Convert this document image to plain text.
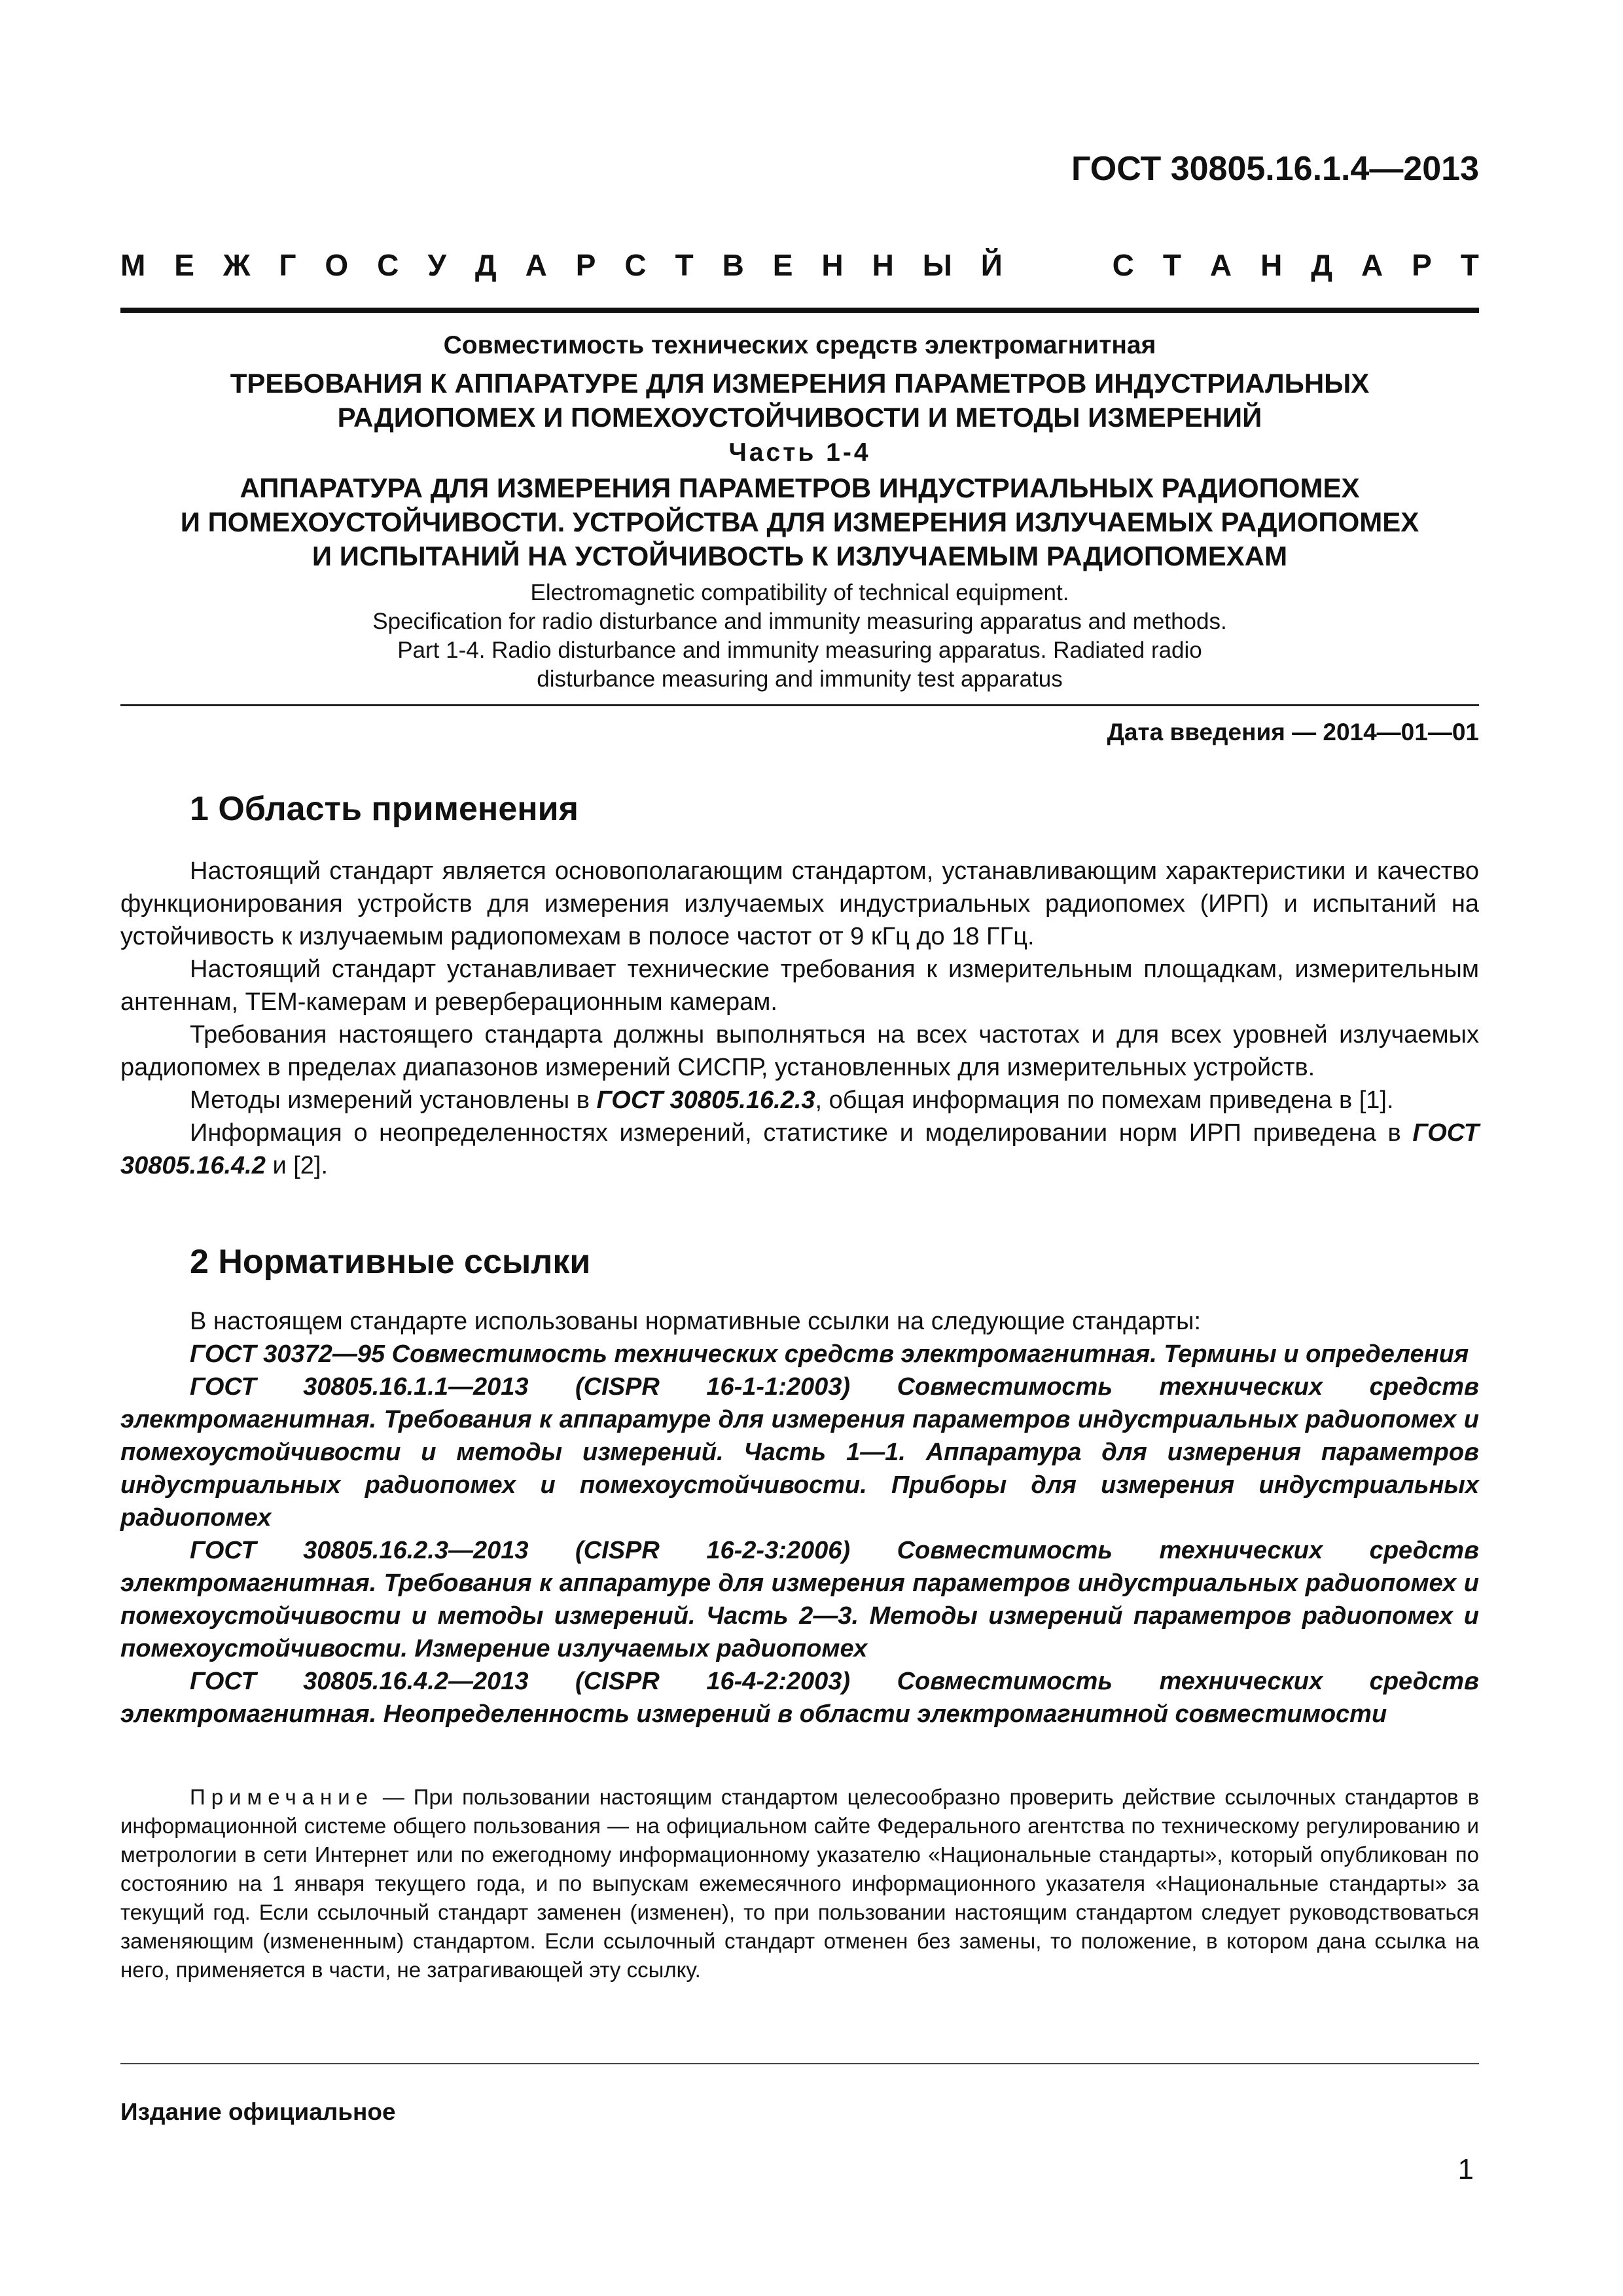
ГОСТ 30805.16.1.4—2013
М Е Ж Г О С У Д А Р С Т В Е Н Н Ы Й	С Т А Н Д А Р Т
Совместимость технических средств электромагнитная
ТРЕБОВАНИЯ К АППАРАТУРЕ ДЛЯ ИЗМЕРЕНИЯ ПАРАМЕТРОВ ИНДУСТРИАЛЬНЫХ
РАДИОПОМЕХ И ПОМЕХОУСТОЙЧИВОСТИ И МЕТОДЫ ИЗМЕРЕНИЙ
Часть 1-4
АППАРАТУРА ДЛЯ ИЗМЕРЕНИЯ ПАРАМЕТРОВ ИНДУСТРИАЛЬНЫХ РАДИОПОМЕХ
И ПОМЕХОУСТОЙЧИВОСТИ. УСТРОЙСТВА ДЛЯ ИЗМЕРЕНИЯ ИЗЛУЧАЕМЫХ РАДИОПОМЕХ
И ИСПЫТАНИЙ НА УСТОЙЧИВОСТЬ К ИЗЛУЧАЕМЫМ РАДИОПОМЕХАМ
Electromagnetic compatibility of technical equipment.
Specification for radio disturbance and immunity measuring apparatus and methods.
Part 1-4. Radio disturbance and immunity measuring apparatus. Radiated radio
disturbance measuring and immunity test apparatus
Дата введения — 2014—01—01
1 Область применения

Настоящий стандарт является основополагающим стандартом, устанавливающим характеристики и качество функционирования устройств для измерения излучаемых индустриальных радиопомех (ИРП) и испытаний на устойчивость к излучаемым радиопомехам в полосе частот от 9 кГц до 18 ГГц.

Настоящий стандарт устанавливает технические требования к измерительным площадкам, измерительным антеннам, ТЕМ-камерам и реверберационным камерам.

Требования настоящего стандарта должны выполняться на всех частотах и для всех уровней излучаемых радиопомех в пределах диапазонов измерений СИСПР, установленных для измерительных устройств.

Методы измерений установлены в ГОСТ 30805.16.2.3, общая информация по помехам приведена в [1].

Информация о неопределенностях измерений, статистике и моделировании норм ИРП приведена в ГОСТ 30805.16.4.2 и [2].

2 Нормативные ссылки

В настоящем стандарте использованы нормативные ссылки на следующие стандарты:

ГОСТ 30372—95 Совместимость технических средств электромагнитная. Термины и определения

ГОСТ 30805.16.1.1—2013 (CISPR 16-1-1:2003) Совместимость технических средств электромагнитная. Требования к аппаратуре для измерения параметров индустриальных радиопомех и помехоустойчивости и методы измерений. Часть 1—1. Аппаратура для измерения параметров индустриальных радиопомех и помехоустойчивости. Приборы для измерения индустриальных радиопомех

ГОСТ 30805.16.2.3—2013 (CISPR 16-2-3:2006) Совместимость технических средств электромагнитная. Требования к аппаратуре для измерения параметров индустриальных радиопомех и помехоустойчивости и методы измерений. Часть 2—3. Методы измерений параметров радиопомех и помехоустойчивости. Измерение излучаемых радиопомех

ГОСТ 30805.16.4.2—2013 (CISPR 16-4-2:2003) Совместимость технических средств электромагнитная. Неопределенность измерений в области электромагнитной совместимости

Примечание — При пользовании настоящим стандартом целесообразно проверить действие ссылочных стандартов в информационной системе общего пользования — на официальном сайте Федерального агентства по техническому регулированию и метрологии в сети Интернет или по ежегодному информационному указателю «Национальные стандарты», который опубликован по состоянию на 1 января текущего года, и по выпускам ежемесячного информационного указателя «Национальные стандарты» за текущий год. Если ссылочный стандарт заменен (изменен), то при пользовании настоящим стандартом следует руководствоваться заменяющим (измененным) стандартом. Если ссылочный стандарт отменен без замены, то положение, в котором дана ссылка на него, применяется в части, не затрагивающей эту ссылку.

Издание официальное
1
